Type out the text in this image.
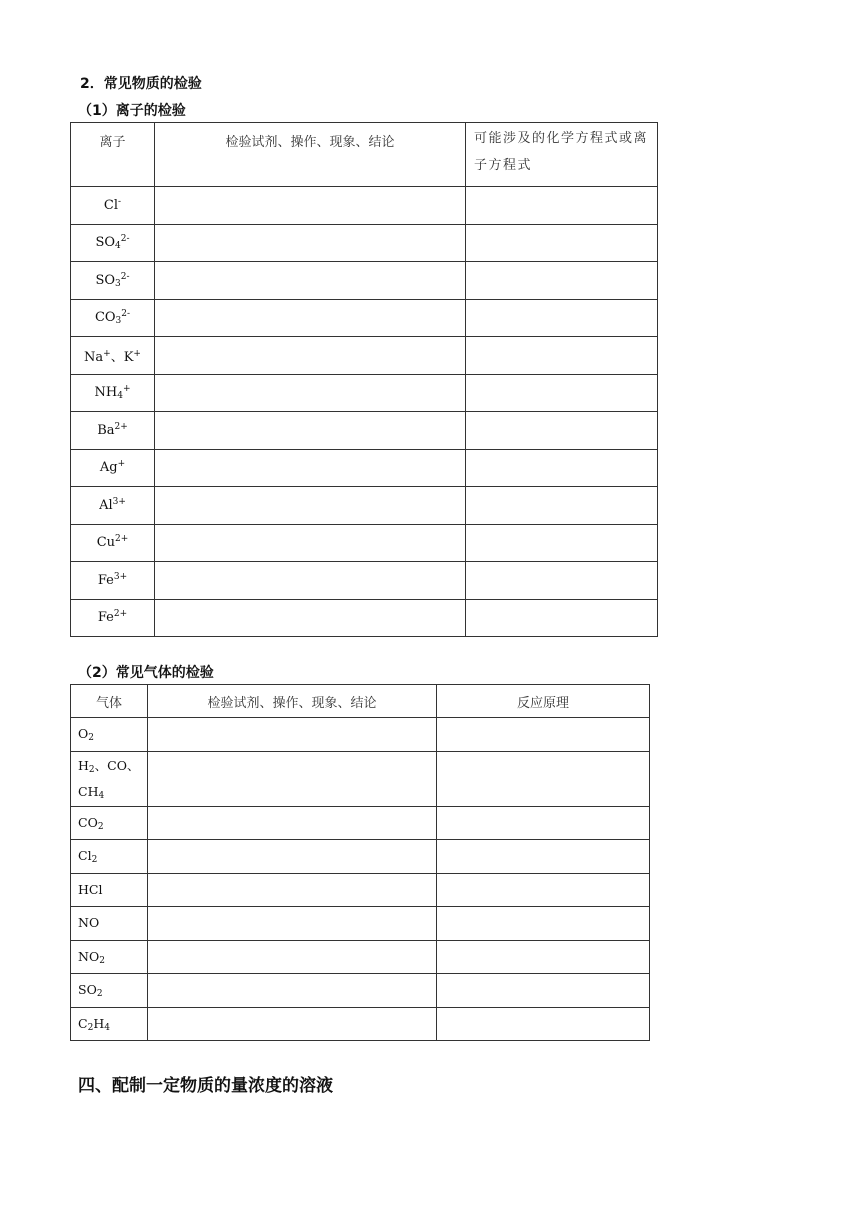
2．常见物质的检验
（1）离子的检验
离子	检验试剂、操作、现象、结论	可能涉及的化学方程式或离子方程式
Cl-		
$SO_4^{2-}$		
$SO_3^{2-}$		
$CO_3^{2-}$		
Na+、K+		
$NH_4^+$		
$Ba^{2+}$		
Ag+		
$Al^{3+}$		
$Cu^{2+}$		
$Fe^{3+}$		
$Fe^{2+}$		
（2）常见气体的检验
气体	检验试剂、操作、现象、结论	反应原理
$O_2$		
$H_2$、CO、
$CH_4$		
$CO_2$		
$Cl_2$		
HCl		
NO		
$NO_2$		
$SO_2$		
$C_2H_4$		
四、配制一定物质的量浓度的溶液
